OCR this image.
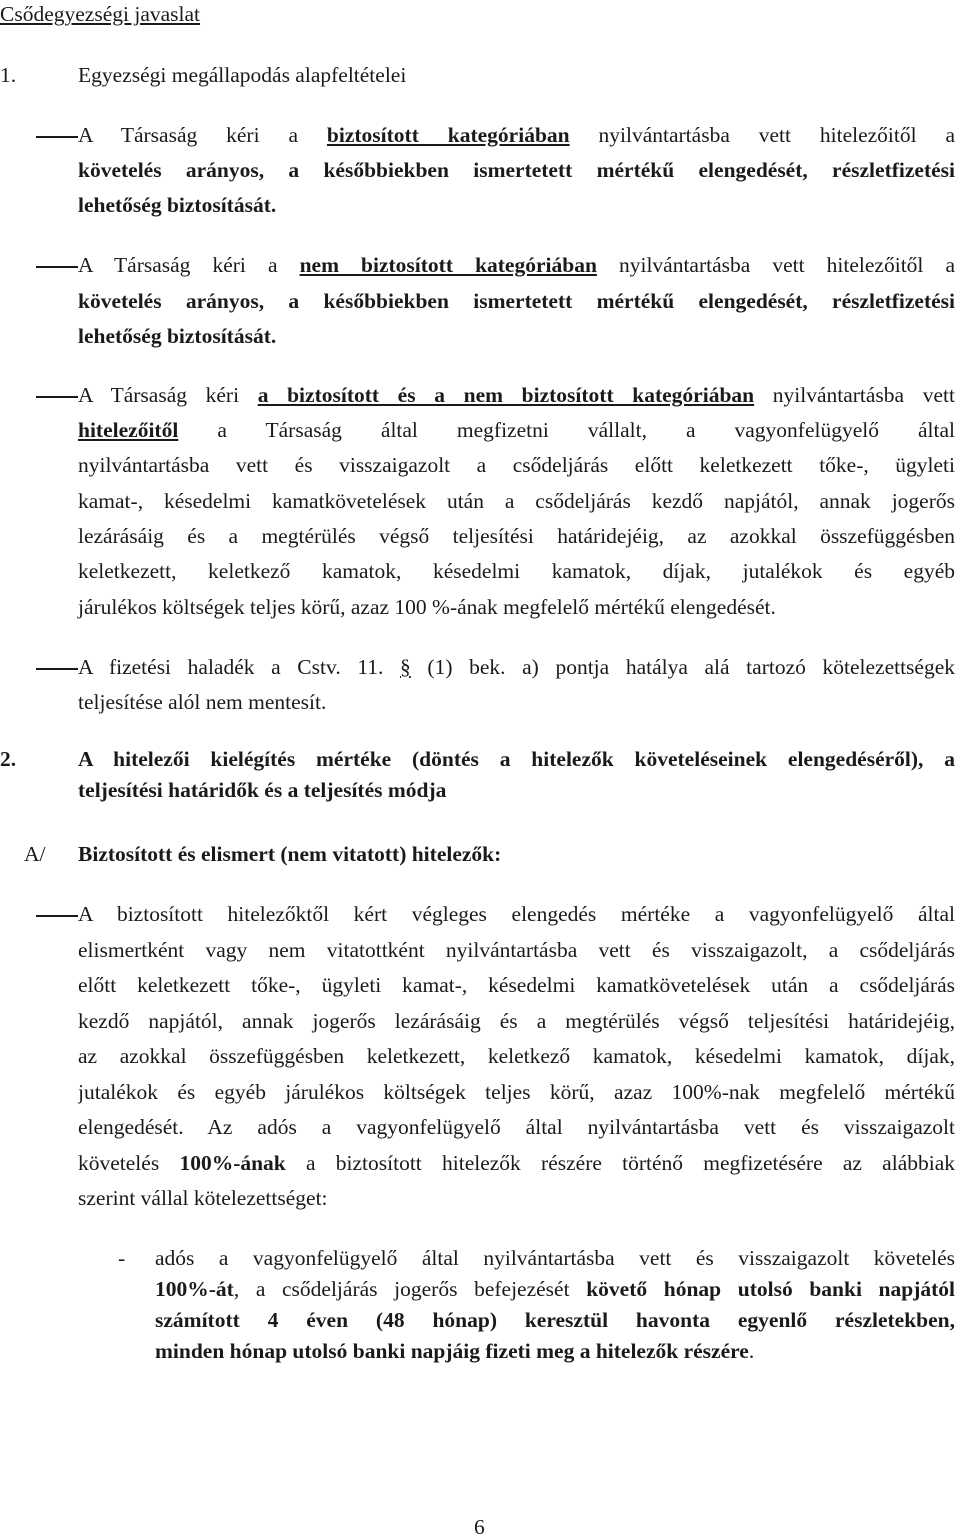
Csődegyezségi javaslat
1.	Egyezségi megállapodás alapfeltételei
A Társaság kéri a biztosított kategóriában nyilvántartásba vett hitelezőitől a
követelés arányos, a későbbiekben ismertetett mértékű elengedését, részletfizetési
lehetőség biztosítását.
A Társaság kéri a nem biztosított kategóriában nyilvántartásba vett hitelezőitől a
követelés arányos, a későbbiekben ismertetett mértékű elengedését, részletfizetési
lehetőség biztosítását.
A Társaság kéri a biztosított és a nem biztosított kategóriában nyilvántartásba vett
hitelezőitől a Társaság által megfizetni vállalt, a vagyonfelügyelő által
nyilvántartásba vett és visszaigazolt a csődeljárás előtt keletkezett tőke-, ügyleti
kamat-, késedelmi kamatkövetelések után a csődeljárás kezdő napjától, annak jogerős
lezárásáig és a megtérülés végső teljesítési határidejéig, az azokkal összefüggésben
keletkezett, keletkező kamatok, késedelmi kamatok, díjak, jutalékok és egyéb
járulékos költségek teljes körű, azaz 100 %-ának megfelelő mértékű elengedését.
A fizetési haladék a Cstv. 11. § (1) bek. a) pontja hatálya alá tartozó kötelezettségek
teljesítése alól nem mentesít.
2.	A hitelezői kielégítés mértéke (döntés a hitelezők követeléseinek elengedéséről), a
teljesítési határidők és a teljesítés módja
A/ Biztosított és elismert (nem vitatott) hitelezők:
A biztosított hitelezőktől kért végleges elengedés mértéke a vagyonfelügyelő által
elismertként vagy nem vitatottként nyilvántartásba vett és visszaigazolt, a csődeljárás
előtt keletkezett tőke-, ügyleti kamat-, késedelmi kamatkövetelések után a csődeljárás
kezdő napjától, annak jogerős lezárásáig és a megtérülés végső teljesítési határidejéig,
az azokkal összefüggésben keletkezett, keletkező kamatok, késedelmi kamatok, díjak,
jutalékok és egyéb járulékos költségek teljes körű, azaz 100%-nak megfelelő mértékű
elengedését. Az adós a vagyonfelügyelő által nyilvántartásba vett és visszaigazolt
követelés 100%-ának a biztosított hitelezők részére történő megfizetésére az alábbiak
szerint vállal kötelezettséget:
- adós a vagyonfelügyelő által nyilvántartásba vett és visszaigazolt követelés
100%-át, a csődeljárás jogerős befejezését követő hónap utolsó banki napjától
számított 4 éven (48 hónap) keresztül havonta egyenlő részletekben,
minden hónap utolsó banki napjáig fizeti meg a hitelezők részére.
6
